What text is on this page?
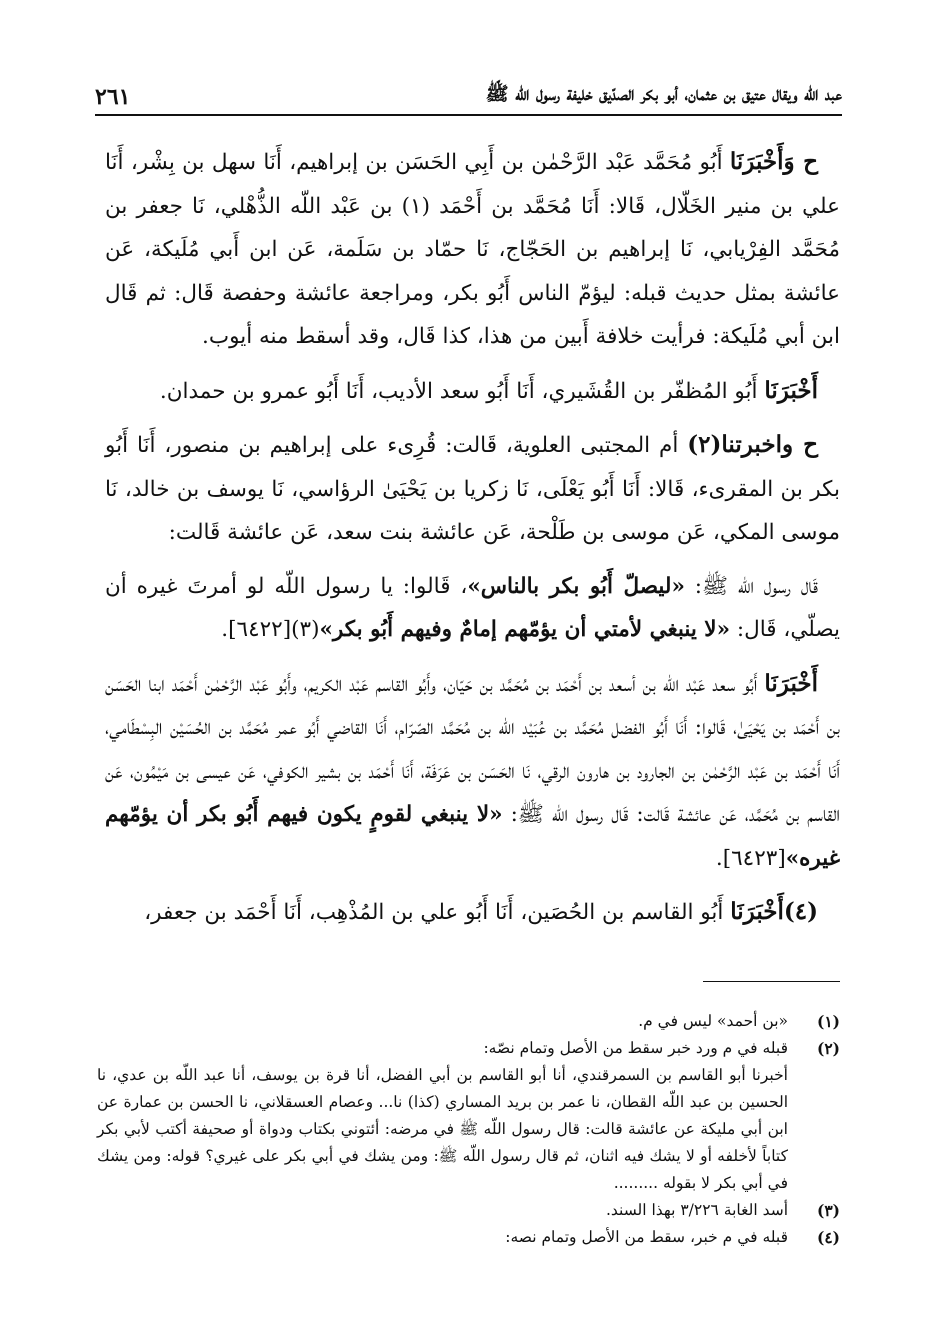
عبد الله ويقال عتيق بن عثمان، أبو بكر الصدّيق خليفة رسول الله ﷺ
٢٦١

ح وَأَخْبَرَنَا أَبُو مُحَمَّد عَبْد الرَّحْمٰن بن أَبِي الحَسَن بن إبراهيم، أَنَا سهل بن بِشْر، أَنَا علي بن منير الخَلّال، قَالا: أَنَا مُحَمَّد بن أَحْمَد (١) بن عَبْد اللّه الذُّهْلي، نَا جعفر بن مُحَمَّد الفِرْيابي، نَا إبراهيم بن الحَجّاج، نَا حمّاد بن سَلَمة، عَن ابن أَبي مُلَيكة، عَن عائشة بمثل حديث قبله: ليؤمّ الناس أَبُو بكر، ومراجعة عائشة وحفصة قَال: ثم قَال ابن أبي مُلَيكة: فرأيت خلافة أَبين من هذا، كذا قَال، وقد أسقط منه أيوب.

أَخْبَرَنَا أَبُو المُظفّر بن القُشَيري، أَنَا أَبُو سعد الأديب، أَنَا أَبُو عمرو بن حمدان.

ح واخبرتنا(٢) أم المجتبى العلوية، قَالت: قُرِىء على إبراهيم بن منصور، أَنَا أَبُو بكر بن المقرىء، قَالا: أَنَا أَبُو يَعْلَى، نَا زكريا بن يَحْيَىٰ الرؤاسي، نَا يوسف بن خالد، نَا موسى المكي، عَن موسى بن طَلْحة، عَن عائشة بنت سعد، عَن عائشة قَالت:

قَال رسول اللّه ﷺ: «ليصلّ أَبُو بكر بالناس»، قَالوا: يا رسول اللّه لو أمرتَ غيره أن يصلّي، قَال: «لا ينبغي لأمتي أن يؤمّهم إمامٌ وفيهم أَبُو بكر»(٣)[٦٤٢٢].

أَخْبَرَنَا أَبُو سعد عَبْد اللّه بن أسعد بن أَحْمَد بن مُحَمَّد بن حَيّان، وأَبُو القاسم عَبْد الكريم، وأَبُو عَبْد الرَّحْمٰن أَحْمَد ابنا الحَسَن بن أَحْمَد بن يَحْيَىٰ، قَالوا: أَنَا أَبُو الفضل مُحَمَّد بن عُبَيْد اللّه بن مُحَمَّد الصّرّام، أَنَا القاضي أَبُو عمر مُحَمَّد بن الحُسَيْن البِسْطَامي، أَنَا أَحْمَد بن عَبْد الرَّحْمٰن بن الجارود بن هارون الرقي، نَا الحَسَن بن عَرَفَة، أَنَا أَحْمَد بن بشير الكوفي، عَن عيسى بن مَيْمُون، عَن القاسم بن مُحَمَّد، عَن عائشة قَالت: قَال رسول اللّه ﷺ: «لا ينبغي لقومٍ يكون فيهم أَبُو بكر أن يؤمّهم غيره»[٦٤٢٣].

(٤)أَخْبَرَنَا أَبُو القاسم بن الحُصَين، أَنَا أَبُو علي بن المُذْهِب، أَنَا أَحْمَد بن جعفر،

(١)
«بن أحمد» ليس في م.
(٢)
قبله في م ورد خبر سقط من الأصل وتمام نصّه:
أخبرنا أبو القاسم بن السمرقندي، أنا أبو القاسم بن أبي الفضل، أنا قرة بن يوسف، أنا عبد اللّه بن عدي، نا الحسين بن عبد اللّه القطان، نا عمر بن بريد المساري (كذا) نا... وعصام العسقلاني، نا الحسن بن عمارة عن ابن أبي مليكة عن عائشة قالت: قال رسول اللّه ﷺ في مرضه: أئتوني بكتاب ودواة أو صحيفة أكتب لأبي بكر كتاباً لأخلفه أو لا يشك فيه اثنان، ثم قال رسول اللّه ﷺ: ومن يشك في أبي بكر على غيري؟ قوله: ومن يشك في أبي بكر لا بقوله .........
(٣)
أسد الغابة ٣/٢٢٦ بهذا السند.
(٤)
قبله في م خبر، سقط من الأصل وتمام نصه:
